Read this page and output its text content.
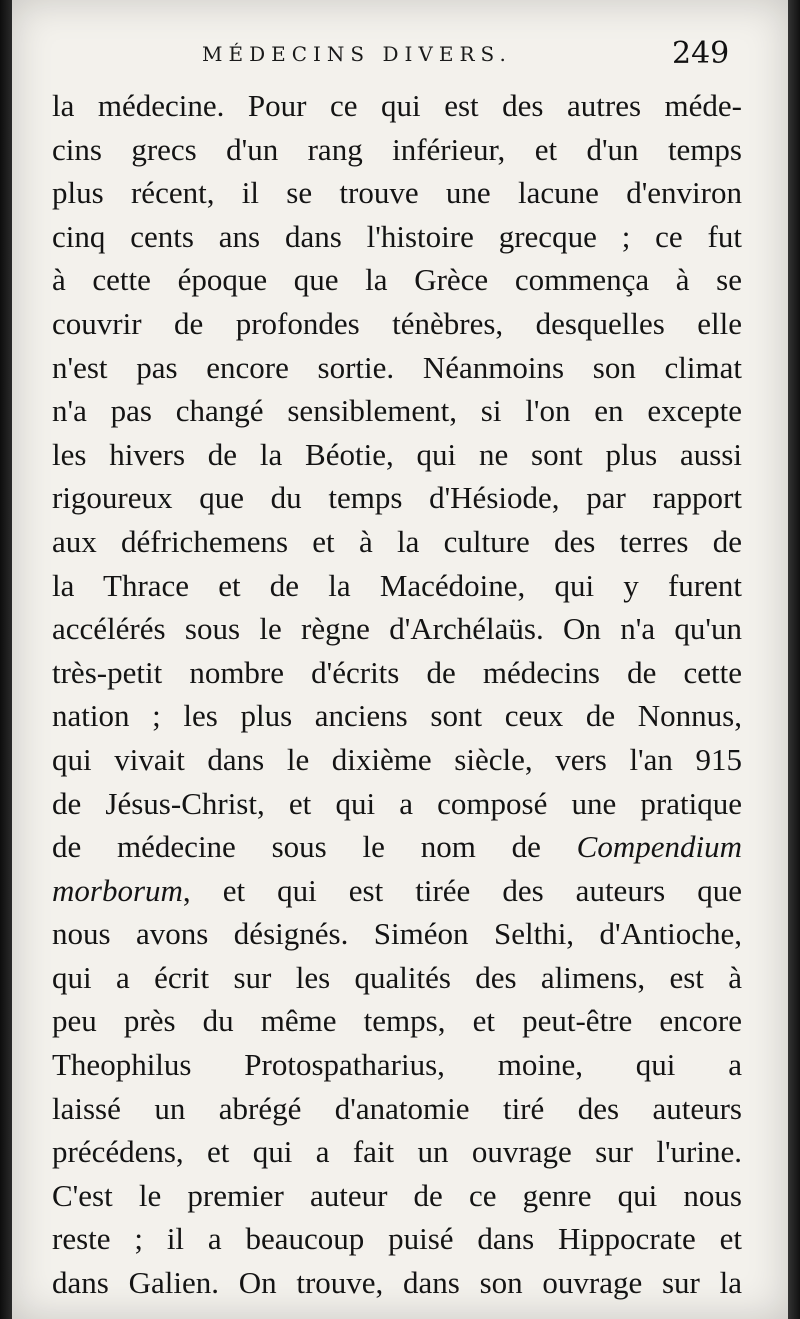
MÉDECINS DIVERS.	249
la médecine. Pour ce qui est des autres méde-
cins grecs d'un rang inférieur, et d'un temps
plus récent, il se trouve une lacune d'environ
cinq cents ans dans l'histoire grecque ; ce fut
à cette époque que la Grèce commença à se
couvrir de profondes ténèbres, desquelles elle
n'est pas encore sortie. Néanmoins son climat
n'a pas changé sensiblement, si l'on en excepte
les hivers de la Béotie, qui ne sont plus aussi
rigoureux que du temps d'Hésiode, par rapport
aux défrichemens et à la culture des terres de
la Thrace et de la Macédoine, qui y furent
accélérés sous le règne d'Archélaüs. On n'a qu'un
très-petit nombre d'écrits de médecins de cette
nation ; les plus anciens sont ceux de Nonnus,
qui vivait dans le dixième siècle, vers l'an 915
de Jésus-Christ, et qui a composé une pratique
de médecine sous le nom de Compendium
morborum, et qui est tirée des auteurs que
nous avons désignés. Siméon Selthi, d'Antioche,
qui a écrit sur les qualités des alimens, est à
peu près du même temps, et peut-être encore
Theophilus Protospatharius, moine, qui a
laissé un abrégé d'anatomie tiré des auteurs
précédens, et qui a fait un ouvrage sur l'urine.
C'est le premier auteur de ce genre qui nous
reste ; il a beaucoup puisé dans Hippocrate et
dans Galien. On trouve, dans son ouvrage sur la
